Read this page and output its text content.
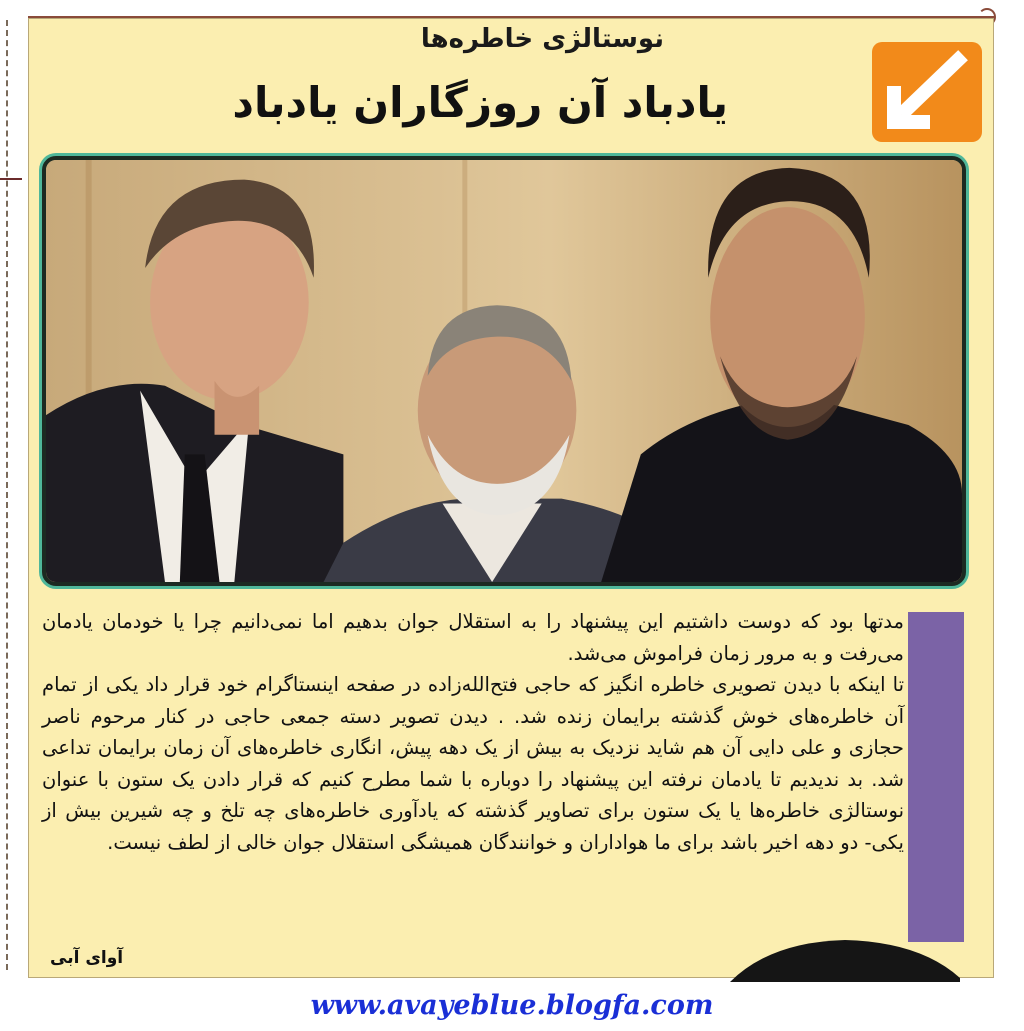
نوستالژی خاطره‌ها
یادباد آن روزگاران یادباد

مدتها بود که دوست داشتیم این پیشنهاد را به استقلال جوان بدهیم اما نمی‌دانیم چرا یا خودمان یادمان می‌رفت و به مرور زمان فراموش می‌شد.

تا اینکه با دیدن تصویری خاطره انگیز که حاجی فتح‌الله‌زاده در صفحه اینستاگرام خود قرار داد یکی از تمام آن خاطره‌های خوش گذشته برایمان زنده شد. . دیدن تصویر دسته جمعی حاجی در کنار مرحوم ناصر حجازی و علی دایی آن هم شاید نزدیک به بیش از یک دهه پیش، انگاری خاطره‌های آن زمان برایمان تداعی شد. بد ندیدیم تا یادمان نرفته این پیشنهاد را دوباره با شما مطرح کنیم که قرار دادن یک ستون با عنوان نوستالژی خاطره‌ها یا یک ستون برای تصاویر گذشته که یادآوری خاطره‌های چه تلخ و چه شیرین بیش از یکی- دو دهه اخیر باشد برای ما هواداران و خوانندگان همیشگی استقلال جوان خالی از لطف نیست.

آوای آبی
www.avayeblue.blogfa.com
